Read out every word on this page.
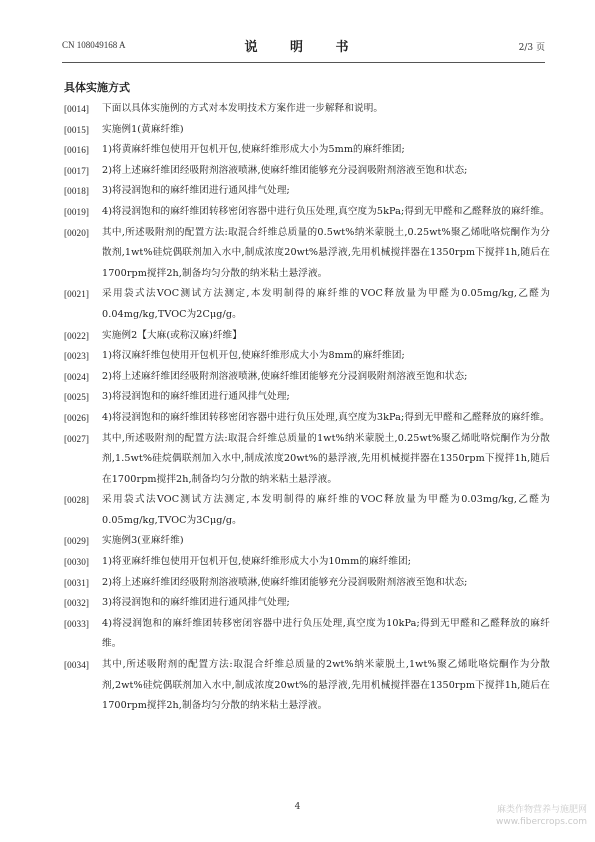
CN 108049168 A	说 明 书	2/3 页
具体实施方式
[0014] 下面以具体实施例的方式对本发明技术方案作进一步解释和说明。
[0015] 实施例1(黄麻纤维)
[0016] 1)将黄麻纤维包使用开包机开包,使麻纤维形成大小为5mm的麻纤维团;
[0017] 2)将上述麻纤维团经吸附剂溶液喷淋,使麻纤维团能够充分浸润吸附剂溶液至饱和状态;
[0018] 3)将浸润饱和的麻纤维团进行通风排气处理;
[0019] 4)将浸润饱和的麻纤维团转移密闭容器中进行负压处理,真空度为5kPa;得到无甲醛和乙醛释放的麻纤维。
[0020] 其中,所述吸附剂的配置方法:取混合纤维总质量的0.5wt%纳米蒙脱土,0.25wt%聚乙烯吡咯烷酮作为分散剂,1wt%硅烷偶联剂加入水中,制成浓度20wt%悬浮液,先用机械搅拌器在1350rpm下搅拌1h,随后在1700rpm搅拌2h,制备均匀分散的纳米粘土悬浮液。
[0021] 采用袋式法VOC测试方法测定,本发明制得的麻纤维的VOC释放量为甲醛为0.05mg/kg,乙醛为0.04mg/kg,TVOC为2Cμg/g。
[0022] 实施例2【大麻(或称汉麻)纤维】
[0023] 1)将汉麻纤维包使用开包机开包,使麻纤维形成大小为8mm的麻纤维团;
[0024] 2)将上述麻纤维团经吸附剂溶液喷淋,使麻纤维团能够充分浸润吸附剂溶液至饱和状态;
[0025] 3)将浸润饱和的麻纤维团进行通风排气处理;
[0026] 4)将浸润饱和的麻纤维团转移密闭容器中进行负压处理,真空度为3kPa;得到无甲醛和乙醛释放的麻纤维。
[0027] 其中,所述吸附剂的配置方法:取混合纤维总质量的1wt%纳米蒙脱土,0.25wt%聚乙烯吡咯烷酮作为分散剂,1.5wt%硅烷偶联剂加入水中,制成浓度20wt%的悬浮液,先用机械搅拌器在1350rpm下搅拌1h,随后在1700rpm搅拌2h,制备均匀分散的纳米粘土悬浮液。
[0028] 采用袋式法VOC测试方法测定,本发明制得的麻纤维的VOC释放量为甲醛为0.03mg/kg,乙醛为0.05mg/kg,TVOC为3Cμg/g。
[0029] 实施例3(亚麻纤维)
[0030] 1)将亚麻纤维包使用开包机开包,使麻纤维形成大小为10mm的麻纤维团;
[0031] 2)将上述麻纤维团经吸附剂溶液喷淋,使麻纤维团能够充分浸润吸附剂溶液至饱和状态;
[0032] 3)将浸润饱和的麻纤维团进行通风排气处理;
[0033] 4)将浸润饱和的麻纤维团转移密闭容器中进行负压处理,真空度为10kPa;得到无甲醛和乙醛释放的麻纤维。
[0034] 其中,所述吸附剂的配置方法:取混合纤维总质量的2wt%纳米蒙脱土,1wt%聚乙烯吡咯烷酮作为分散剂,2wt%硅烷偶联剂加入水中,制成浓度20wt%的悬浮液,先用机械搅拌器在1350rpm下搅拌1h,随后在1700rpm搅拌2h,制备均匀分散的纳米粘土悬浮液。
4	麻类作物营养与施肥网
www.fibercrops.com
